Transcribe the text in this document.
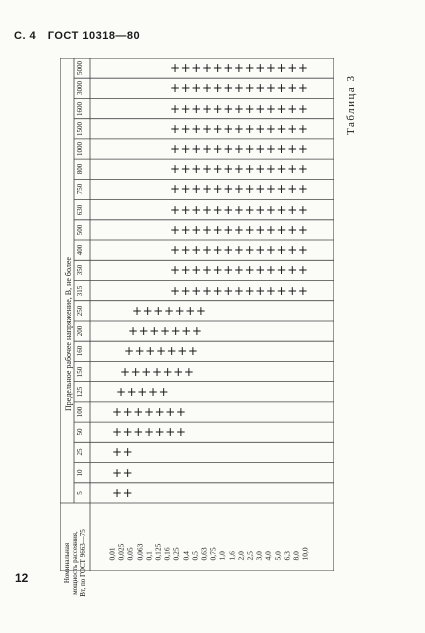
С. 4 ГОСТ 10318—80
Таблица 3
Предельное рабочее напряжение, В, не более
Номинальная мощность рассеяния, Вт, по ГОСТ 9663—75
5
10
25
50
100
125
150
160
200
250
315
350
400
500
630
750
800
1000
1500
1600
3000
5000
0,01 0,025 0,05 0,063 0,1 0,125 0,16 0,25 0,4 0,5 0,63 0,75 1,0 1,6 2,0 2,5 3,0 4,0 5,0 6,3 8,0 10,0
++
++
++
+++++++
+++++++
+++++
+++++++
+++++++
+++++++
+++++++
+++++++++++++
+++++++++++++
+++++++++++++
+++++++++++++
+++++++++++++
+++++++++++++
+++++++++++++
+++++++++++++
+++++++++++++
+++++++++++++
+++++++++++++
+++++++++++++
12
